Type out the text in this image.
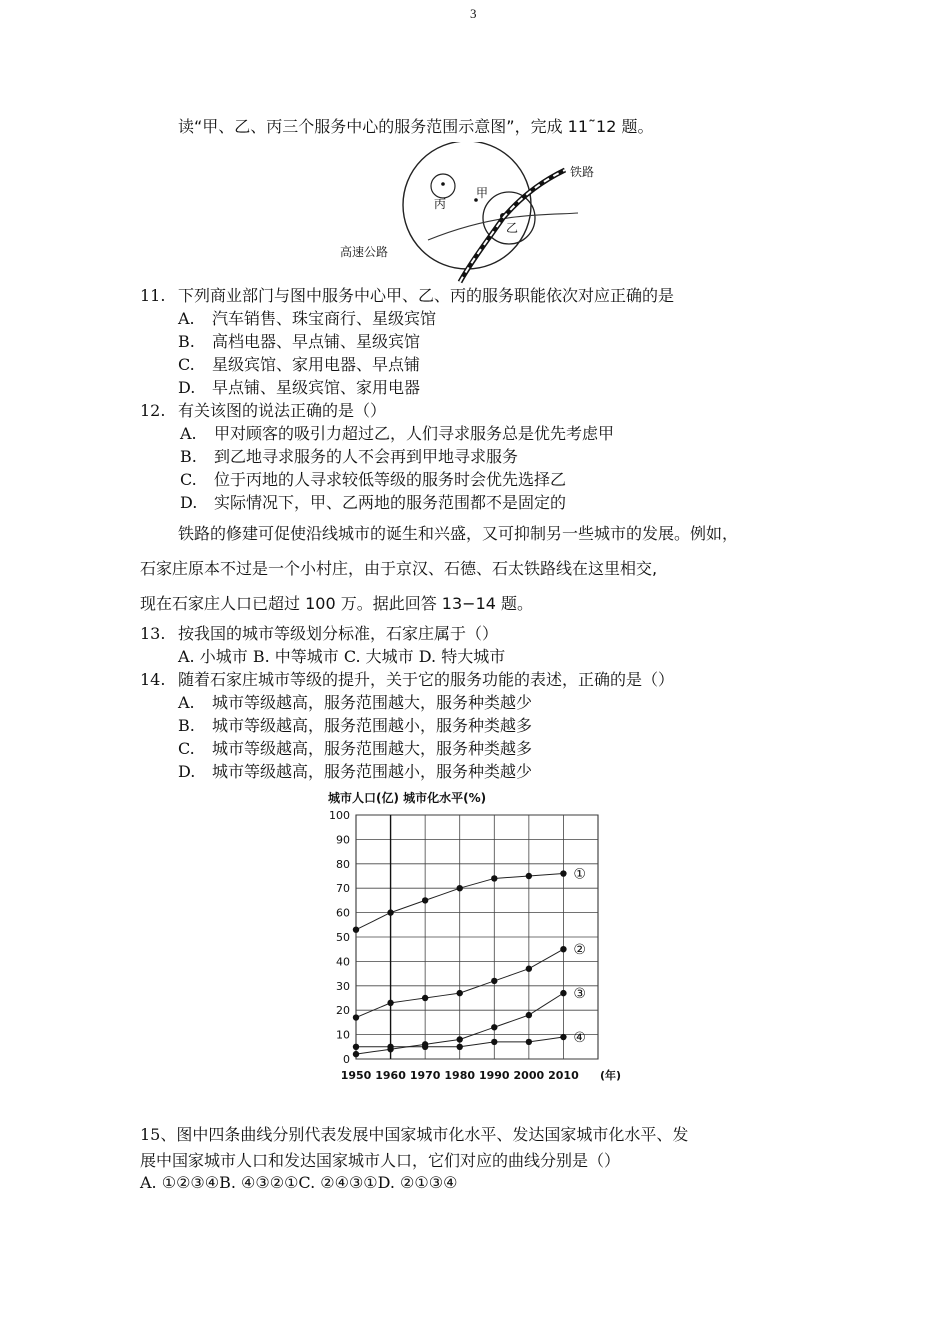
3
读“甲、乙、丙三个服务中心的服务范围示意图”，完成 11˜12 题。
铁路
高速公路
甲
丙
乙
11. 下列商业部门与图中服务中心甲、乙、丙的服务职能依次对应正确的是
A. 汽车销售、珠宝商行、星级宾馆
B. 高档电器、早点铺、星级宾馆
C. 星级宾馆、家用电器、早点铺
D. 早点铺、星级宾馆、家用电器
12. 有关该图的说法正确的是（）
A. 甲对顾客的吸引力超过乙，人们寻求服务总是优先考虑甲
B. 到乙地寻求服务的人不会再到甲地寻求服务
C. 位于丙地的人寻求较低等级的服务时会优先选择乙
D. 实际情况下，甲、乙两地的服务范围都不是固定的
铁路的修建可促使沿线城市的诞生和兴盛，又可抑制另一些城市的发展。例如，
石家庄原本不过是一个小村庄，由于京汉、石德、石太铁路线在这里相交,
现在石家庄人口已超过 100 万。据此回答 13−14 题。
13. 按我国的城市等级划分标准，石家庄属于（）
A. 小城市 B. 中等城市 C. 大城市 D. 特大城市
14. 随着石家庄城市等级的提升，关于它的服务功能的表述，正确的是（）
A. 城市等级越高，服务范围越大，服务种类越少
B. 城市等级越高，服务范围越小，服务种类越多
C. 城市等级越高，服务范围越大，服务种类越多
D. 城市等级越高，服务范围越小，服务种类越少
城市人口(亿) 城市化水平(%)
0
10
20
30
40
50
60
70
80
90
100
1950 1960 1970 1980 1990 2000 2010 (年)
①
②
③
④
15、图中四条曲线分别代表发展中国家城市化水平、发达国家城市化水平、发
展中国家城市人口和发达国家城市人口，它们对应的曲线分别是（）
A. ①②③④B. ④③②①C. ②④③①D. ②①③④
